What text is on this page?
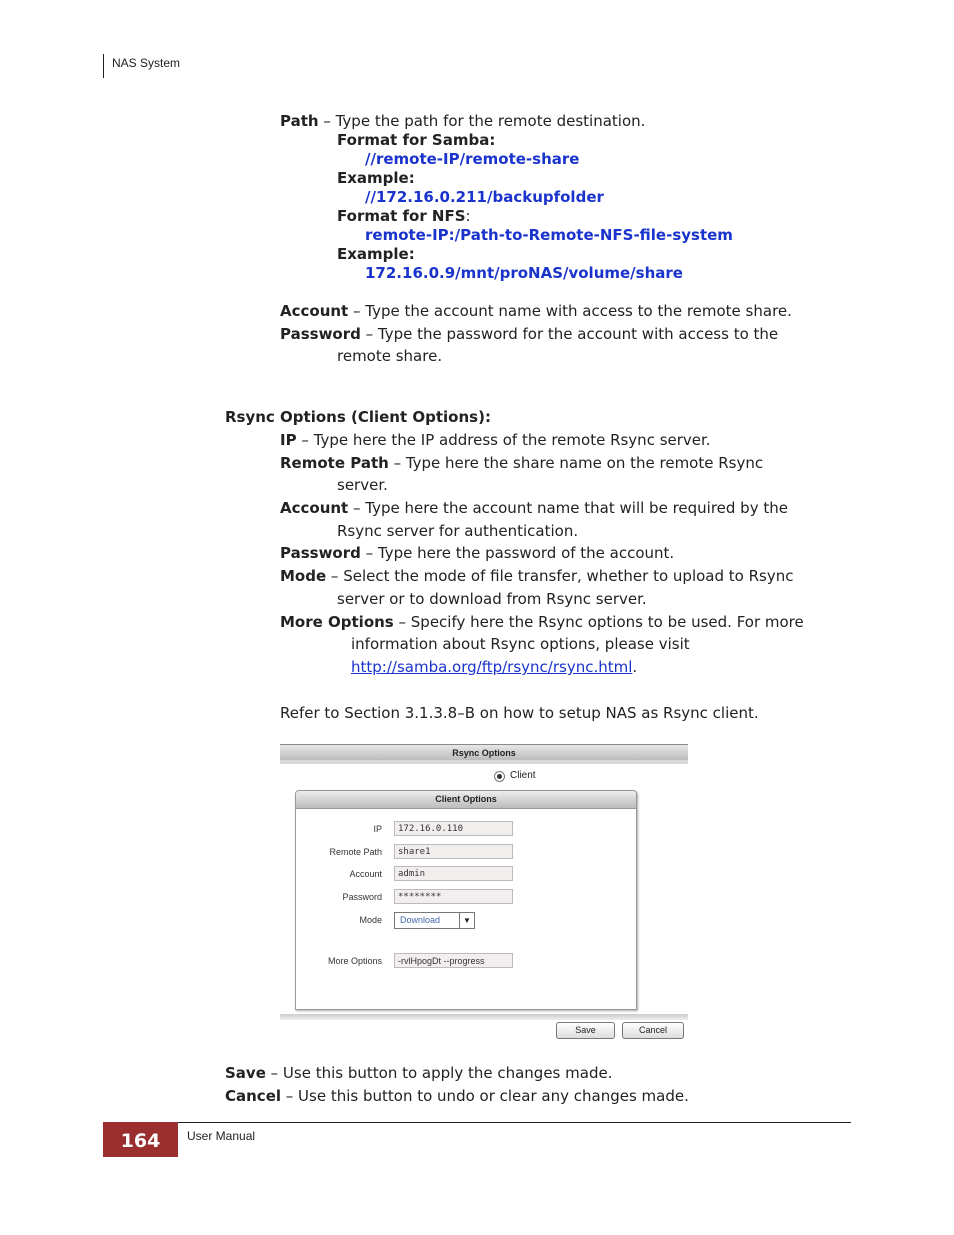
NAS System
Path – Type the path for the remote destination.
Format for Samba:
//remote-IP/remote-share
Example:
//172.16.0.211/backupfolder
Format for NFS:
remote-IP:/Path-to-Remote-NFS-file-system
Example:
172.16.0.9/mnt/proNAS/volume/share
Account – Type the account name with access to the remote share.
Password – Type the password for the account with access to the
remote share.
Rsync Options (Client Options):
IP – Type here the IP address of the remote Rsync server.
Remote Path – Type here the share name on the remote Rsync
server.
Account – Type here the account name that will be required by the
Rsync server for authentication.
Password – Type here the password of the account.
Mode – Select the mode of file transfer, whether to upload to Rsync
server or to download from Rsync server.
More Options – Specify here the Rsync options to be used. For more
information about Rsync options, please visit
http://samba.org/ftp/rsync/rsync.html.
Refer to Section 3.1.3.8–B on how to setup NAS as Rsync client.
Rsync Options
Client
Client Options
IP	172.16.0.110
Remote Path	share1
Account	admin
Password	********
Mode	Download	▼
More Options	-rvlHpogDt --progress
Save	Cancel
Save – Use this button to apply the changes made.
Cancel – Use this button to undo or clear any changes made.
164	User Manual
